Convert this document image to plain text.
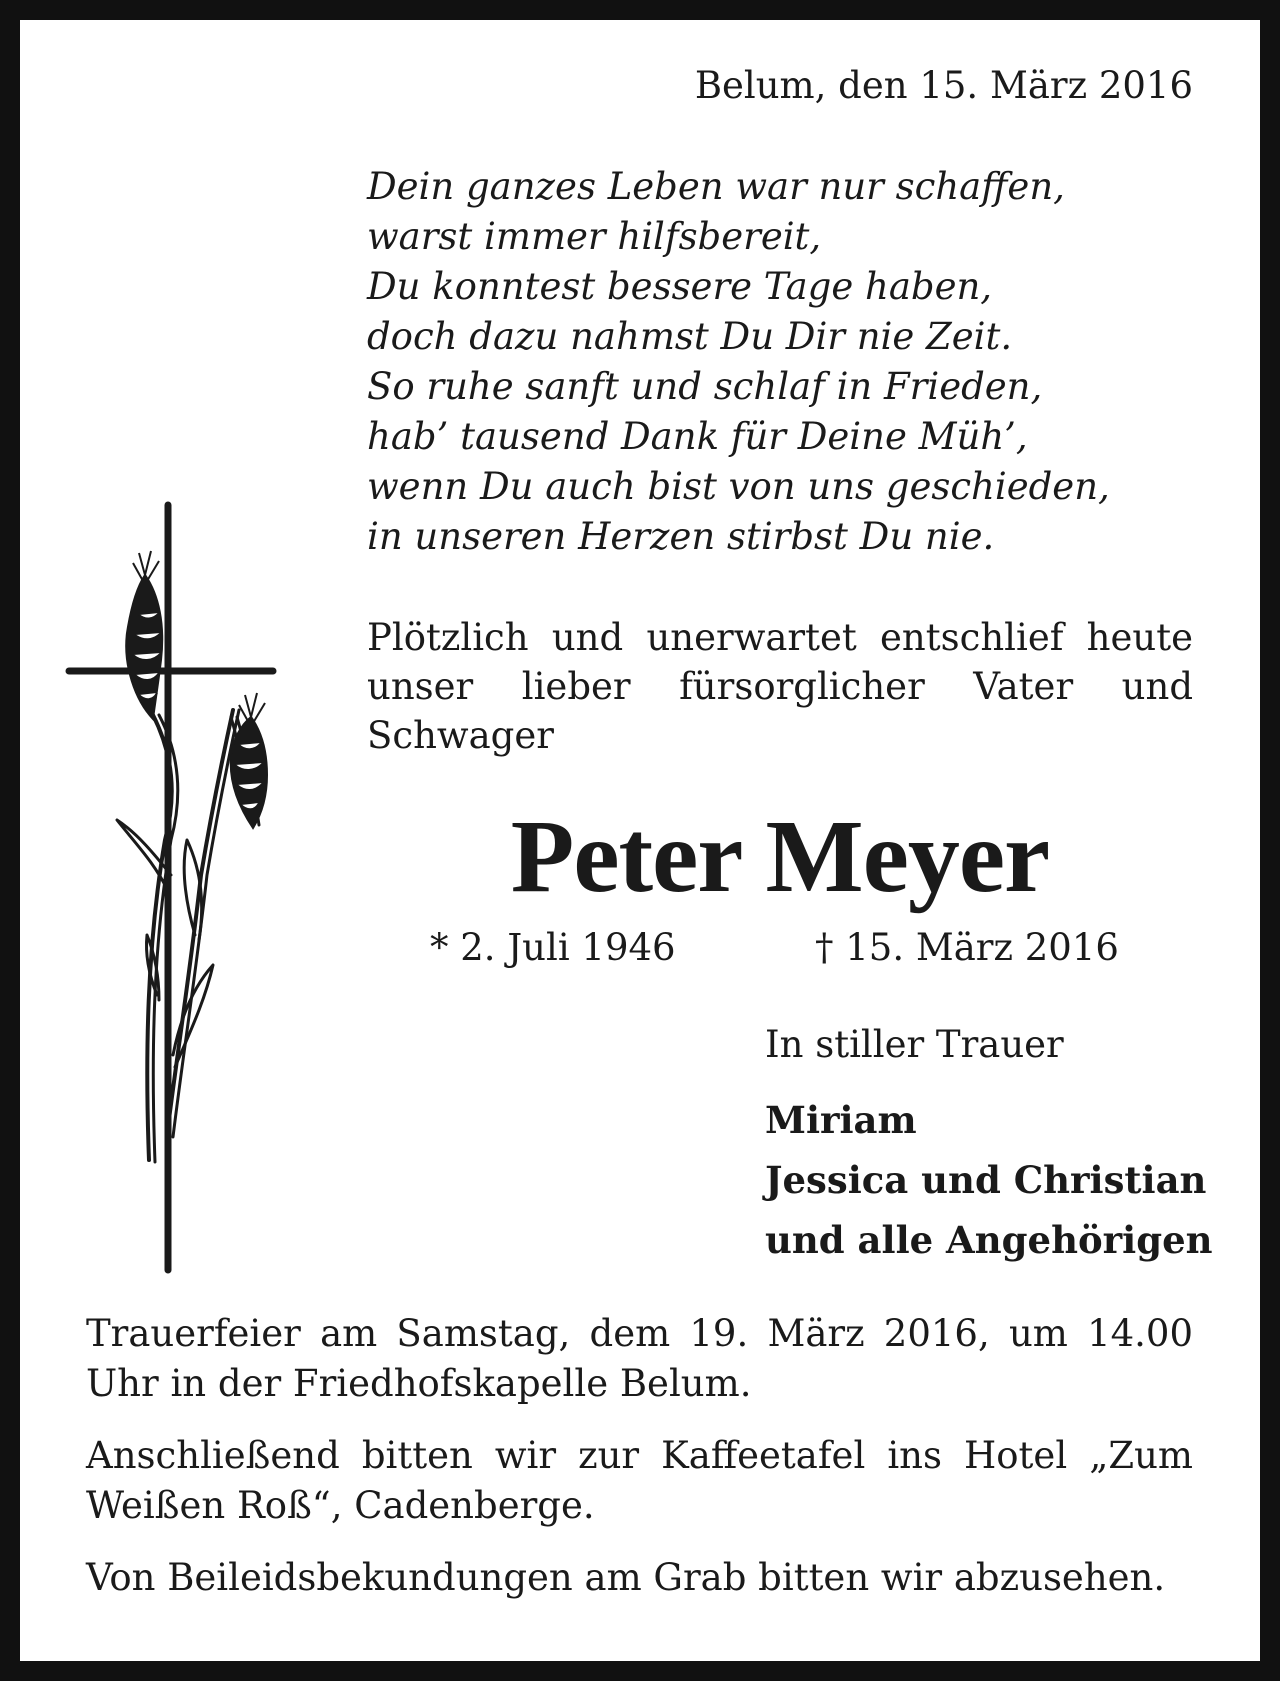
Belum, den 15. März 2016
Dein ganzes Leben war nur schaffen,
warst immer hilfsbereit,
Du konntest bessere Tage haben,
doch dazu nahmst Du Dir nie Zeit.
So ruhe sanft und schlaf in Frieden,
hab’ tausend Dank für Deine Müh’,
wenn Du auch bist von uns geschieden,
in unseren Herzen stirbst Du nie.
Plötzlich und unerwartet entschlief heute unser lieber fürsorglicher Vater und Schwager
Peter Meyer
* 2. Juli 1946	† 15. März 2016
In stiller Trauer
Miriam
Jessica und Christian
und alle Angehörigen

Trauerfeier am Samstag, dem 19. März 2016, um 14.00 Uhr in der Friedhofskapelle Belum.

Anschließend bitten wir zur Kaffeetafel ins Hotel „Zum Weißen Roß“, Cadenberge.

Von Beileidsbekundungen am Grab bitten wir abzusehen.
